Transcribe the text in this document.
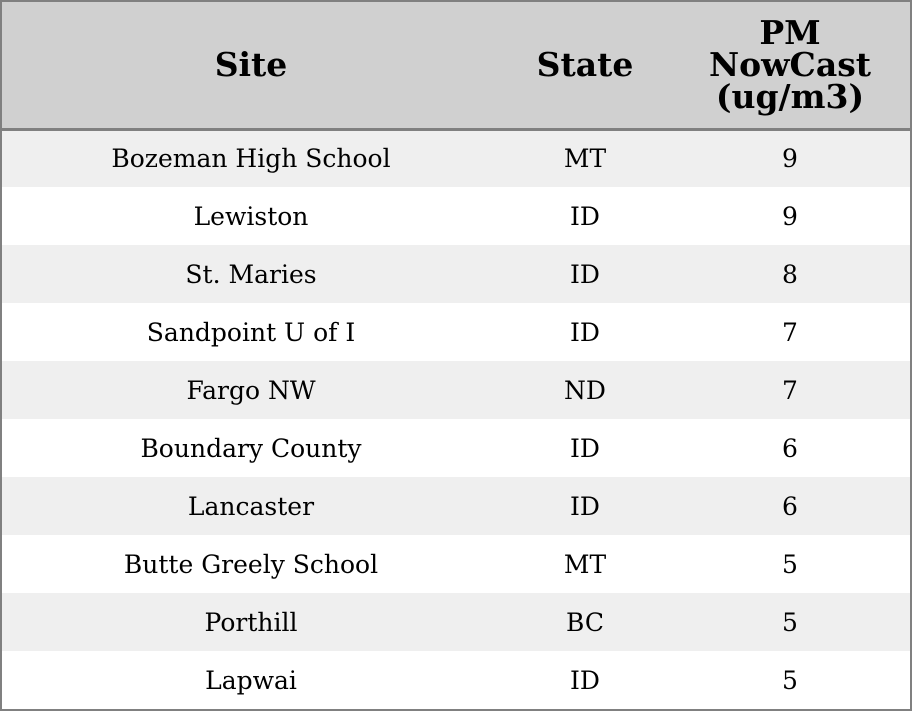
Site	State	PM
NowCast
(ug/m3)

Bozeman High School	MT	9
Lewiston	ID	9
St. Maries	ID	8
Sandpoint U of I	ID	7
Fargo NW	ND	7
Boundary County	ID	6
Lancaster	ID	6
Butte Greely School	MT	5
Porthill	BC	5
Lapwai	ID	5
